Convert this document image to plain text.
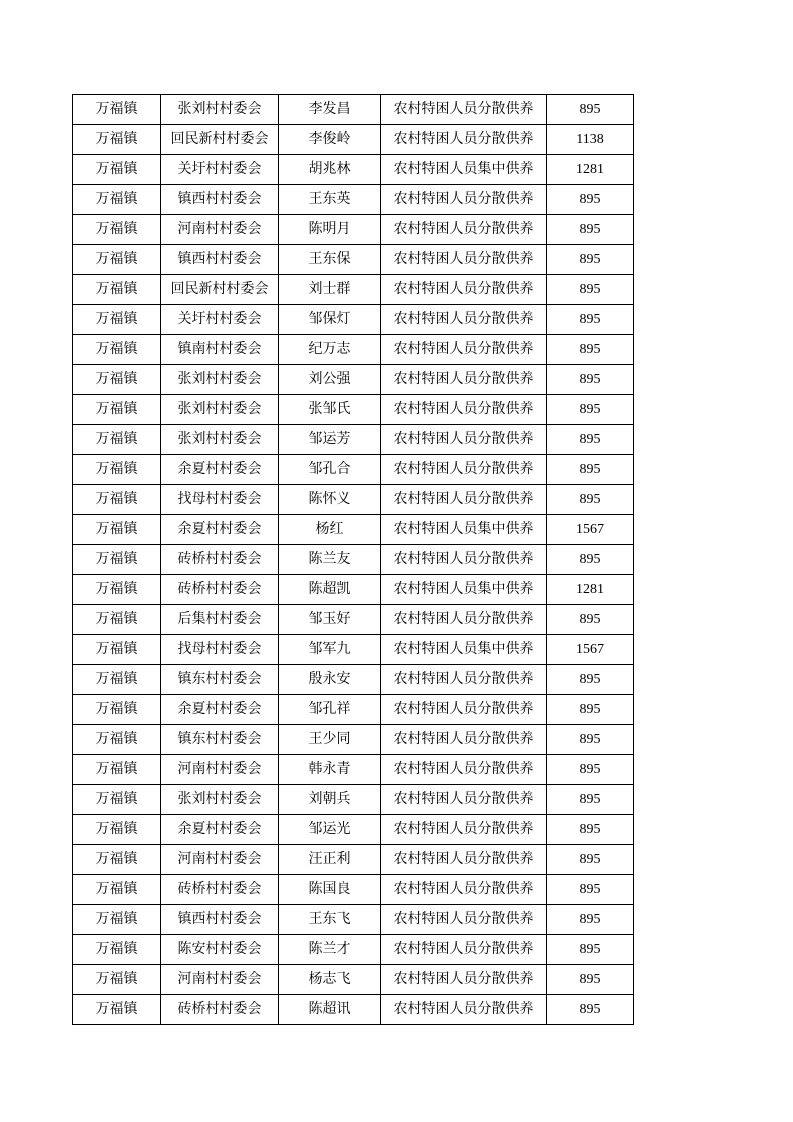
万福镇	张刘村村委会	李发昌	农村特困人员分散供养	895
万福镇	回民新村村委会	李俊岭	农村特困人员分散供养	1138
万福镇	关圩村村委会	胡兆林	农村特困人员集中供养	1281
万福镇	镇西村村委会	王东英	农村特困人员分散供养	895
万福镇	河南村村委会	陈明月	农村特困人员分散供养	895
万福镇	镇西村村委会	王东保	农村特困人员分散供养	895
万福镇	回民新村村委会	刘士群	农村特困人员分散供养	895
万福镇	关圩村村委会	邹保灯	农村特困人员分散供养	895
万福镇	镇南村村委会	纪万志	农村特困人员分散供养	895
万福镇	张刘村村委会	刘公强	农村特困人员分散供养	895
万福镇	张刘村村委会	张邹氏	农村特困人员分散供养	895
万福镇	张刘村村委会	邹运芳	农村特困人员分散供养	895
万福镇	余夏村村委会	邹孔合	农村特困人员分散供养	895
万福镇	找母村村委会	陈怀义	农村特困人员分散供养	895
万福镇	余夏村村委会	杨红	农村特困人员集中供养	1567
万福镇	砖桥村村委会	陈兰友	农村特困人员分散供养	895
万福镇	砖桥村村委会	陈超凯	农村特困人员集中供养	1281
万福镇	后集村村委会	邹玉好	农村特困人员分散供养	895
万福镇	找母村村委会	邹军九	农村特困人员集中供养	1567
万福镇	镇东村村委会	殷永安	农村特困人员分散供养	895
万福镇	余夏村村委会	邹孔祥	农村特困人员分散供养	895
万福镇	镇东村村委会	王少同	农村特困人员分散供养	895
万福镇	河南村村委会	韩永青	农村特困人员分散供养	895
万福镇	张刘村村委会	刘朝兵	农村特困人员分散供养	895
万福镇	余夏村村委会	邹运光	农村特困人员分散供养	895
万福镇	河南村村委会	汪正利	农村特困人员分散供养	895
万福镇	砖桥村村委会	陈国良	农村特困人员分散供养	895
万福镇	镇西村村委会	王东飞	农村特困人员分散供养	895
万福镇	陈安村村委会	陈兰才	农村特困人员分散供养	895
万福镇	河南村村委会	杨志飞	农村特困人员分散供养	895
万福镇	砖桥村村委会	陈超讯	农村特困人员分散供养	895
